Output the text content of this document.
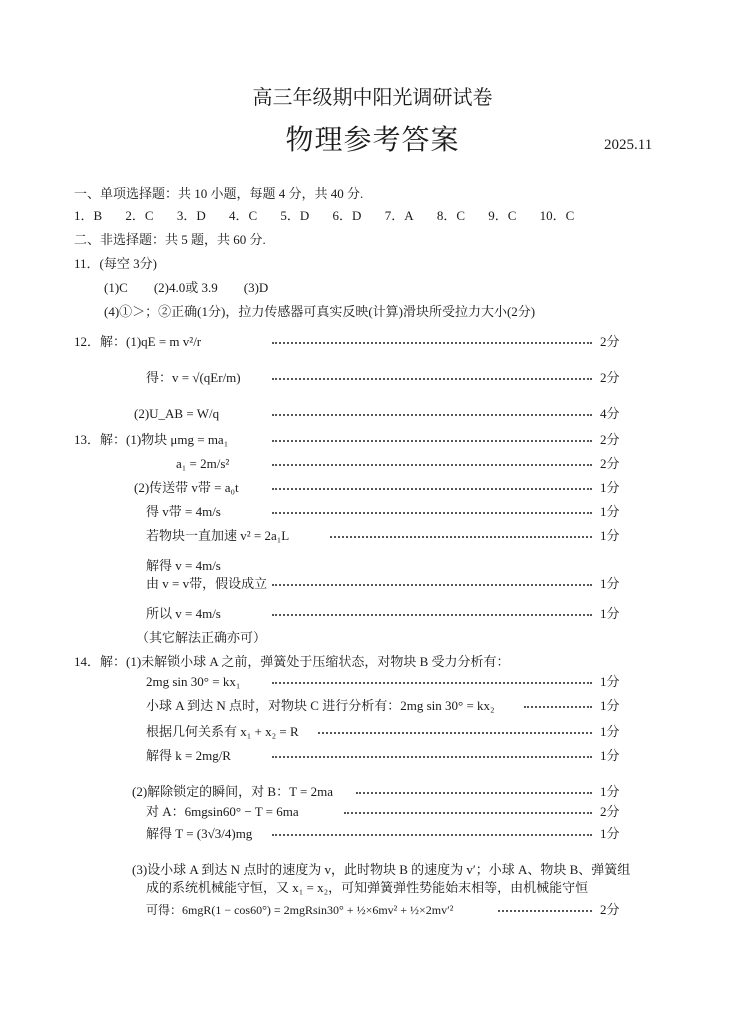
高三年级期中阳光调研试卷
物理参考答案	2025.11
一、单项选择题：共 10 小题，每题 4 分，共 40 分.
1．B 2．C 3．D 4．C 5．D 6．D 7．A 8．C 9．C 10．C
二、非选择题：共 5 题，共 60 分.
11．(每空 3分)
(1)C        (2)4.0或 3.9        (3)D
(4)①＞；②正确(1分)，拉力传感器可真实反映(计算)滑块所受拉力大小(2分)
12．解：(1)qE = m v²/r	2分
得：v = √(qEr/m)	2分
(2)U_AB = W/q	4分
13．解：(1)物块 μmg = ma₁	2分
a₁ = 2m/s²	2分
(2)传送带 v带 = a₀t	1分
得 v带 = 4m/s	1分
若物块一直加速 v² = 2a₁L	1分
解得 v = 4m/s
由 v = v带，假设成立	1分
所以 v = 4m/s	1分
（其它解法正确亦可）
14．解：(1)未解锁小球 A 之前，弹簧处于压缩状态，对物块 B 受力分析有：
2mg sin 30° = kx₁	1分
小球 A 到达 N 点时，对物块 C 进行分析有：2mg sin 30° = kx₂	1分
根据几何关系有 x₁ + x₂ = R	1分
解得 k = 2mg/R	1分
(2)解除锁定的瞬间，对 B：T = 2ma	1分
对 A：6mgsin60° − T = 6ma	2分
解得 T = (3√3/4)mg	1分
(3)设小球 A 到达 N 点时的速度为 v，此时物块 B 的速度为 v′；小球 A、物块 B、弹簧组
成的系统机械能守恒，又 x₁ = x₂，可知弹簧弹性势能始末相等，由机械能守恒
可得：6mgR(1 − cos60°) = 2mgRsin30° + ½×6mv² + ½×2mv′²	2分
